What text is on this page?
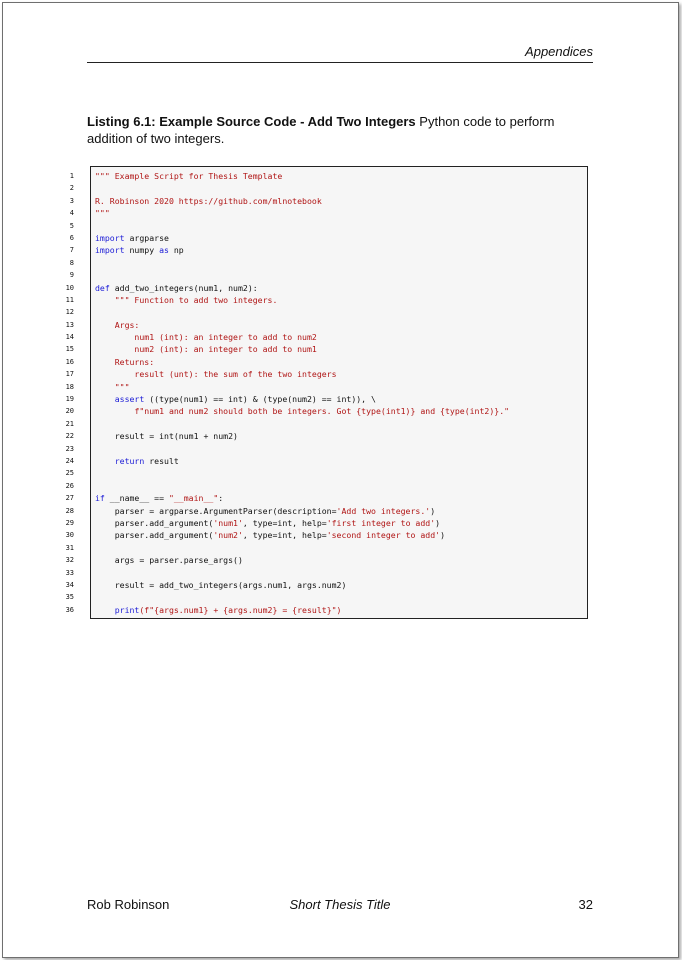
Appendices
Listing 6.1: Example Source Code - Add Two Integers Python code to perform addition of two integers.
1
2
3
4
5
6
7
8
9
10
11
12
13
14
15
16
17
18
19
20
21
22
23
24
25
26
27
28
29
30
31
32
33
34
35
36
""" Example Script for Thesis Template
R. Robinson 2020 https://github.com/mlnotebook
"""
import argparse
import numpy as np
def add_two_integers(num1, num2):
""" Function to add two integers.
Args:
num1 (int): an integer to add to num2
num2 (int): an integer to add to num1
Returns:
result (unt): the sum of the two integers
"""
assert ((type(num1) == int) & (type(num2) == int)), \
f"num1 and num2 should both be integers. Got {type(int1)} and {type(int2)}."
result = int(num1 + num2)
return result
if __name__ == "__main__":
parser = argparse.ArgumentParser(description='Add two integers.')
parser.add_argument('num1', type=int, help='first integer to add')
parser.add_argument('num2', type=int, help='second integer to add')
args = parser.parse_args()
result = add_two_integers(args.num1, args.num2)
print(f"{args.num1} + {args.num2} = {result}")
Rob Robinson	Short Thesis Title	32
